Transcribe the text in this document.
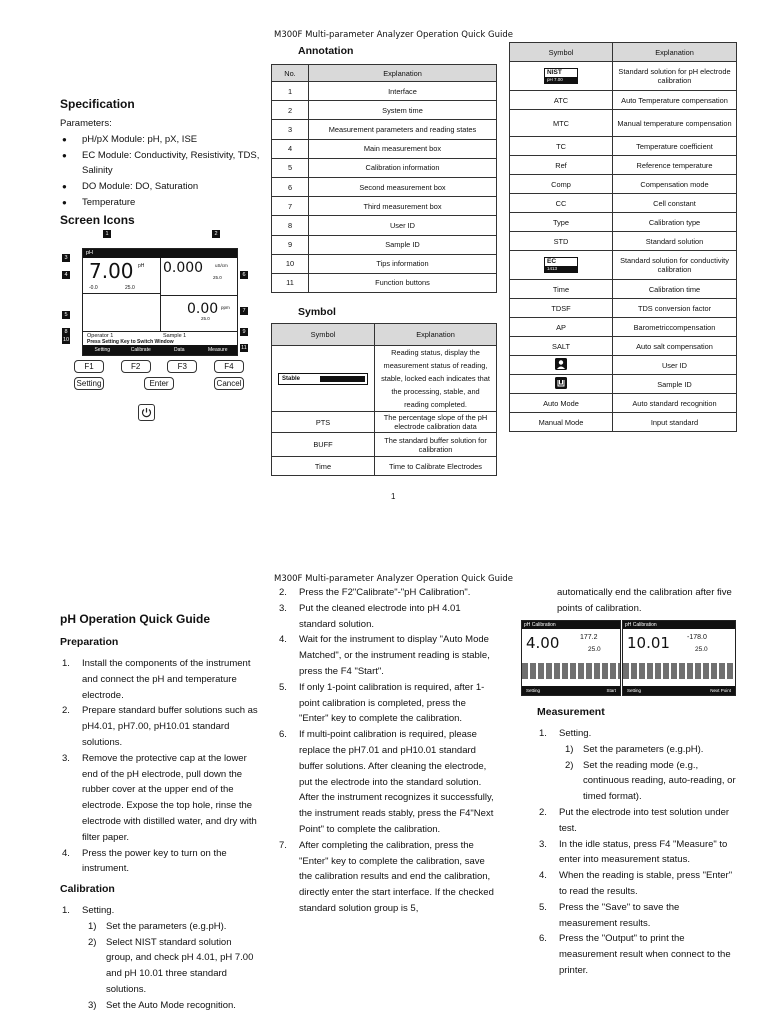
M300F Multi-parameter Analyzer Operation Quick Guide
Specification
Parameters:
● pH/pX Module: pH, pX, ISE
● EC Module: Conductivity, Resistivity, TDS, Salinity
● DO Module: DO, Saturation
● Temperature
Screen Icons
1	2
3
4
5
6
7
8	9
10
11
pH
7.00 pH
-0.0	25.0
0.000	uS/cm
25.0
0.00 ppm
25.0
Operator 1	Sample 1
Press Setting Key to Switch Window
Setting	Calibrate	Data	Measure
F1	F2	F3	F4
Setting	Enter	Cancel
Annotation
No.	Explanation
1	Interface
2	System time
3	Measurement parameters and reading states
4	Main measurement box
5	Calibration information
6	Second measurement box
7	Third measurement box
8	User ID
9	Sample ID
10	Tips information
11	Function buttons
Symbol
Symbol	Explanation

Stable	Reading status, display the measurement status of reading, stable, locked each indicates that the processing, stable, and reading completed.
PTS	The percentage slope of the pH electrode calibration data
BUFF	The standard buffer solution for calibration
Time	Time to Calibrate Electrodes
Symbol	Explanation

NIST
pH 7.00	Standard solution for pH electrode calibration
ATC	Auto Temperature compensation
MTC	Manual temperature compensation
TC	Temperature coefficient
Ref	Reference temperature
Comp	Compensation mode
CC	Cell constant
Type	Calibration type
STD	Standard solution

EC
1413	Standard solution for conductivity calibration
Time	Calibration time
TDSF	TDS conversion factor
AP	Barometriccompensation
SALT	Auto salt compensation
	User ID
	Sample ID
Auto Mode	Auto standard recognition
Manual Mode	Input standard
1
M300F Multi-parameter Analyzer Operation Quick Guide
pH Operation Quick Guide
Preparation
1. Install the components of the instrument and connect the pH and temperature electrode.
2. Prepare standard buffer solutions such as pH4.01, pH7.00, pH10.01 standard solutions.
3. Remove the protective cap at the lower end of the pH electrode, pull down the rubber cover at the upper end of the electrode. Expose the top hole, rinse the electrode with distilled water, and dry with filter paper.
4. Press the power key to turn on the instrument.
Calibration
1. Setting.
1) Set the parameters (e.g.pH).
2) Select NIST standard solution group, and check pH 4.01, pH 7.00 and pH 10.01 three standard solutions.
3) Set the Auto Mode recognition.
2. Press the F2"Calibrate"-"pH Calibration".
3. Put the cleaned electrode into pH 4.01 standard solution.
4. Wait for the instrument to display "Auto Mode Matched", or the instrument reading is stable, press the F4 "Start".
5. If only 1-point calibration is required, after 1-point calibration is completed, press the "Enter" key to complete the calibration.
6. If multi-point calibration is required, please replace the pH7.01 and pH10.01 standard buffer solutions. After cleaning the electrode, put the electrode into the standard solution. After the instrument recognizes it successfully, the instrument reads stably, press the F4"Next Point" to complete the calibration.
7. After completing the calibration, press the "Enter" key to complete the calibration, save the calibration results and end the calibration, directly enter the start interface. If the checked standard solution group is 5,
automatically end the calibration after five points of calibration.
pH Calibration
4.00	177.2
25.0
Setting	Start
pH Calibration
10.01 -178.0
25.0
Setting	Next Point
Measurement
1. Setting.
1) Set the parameters (e.g.pH).
2) Set the reading mode (e.g., continuous reading, auto-reading, or timed format).
2. Put the electrode into test solution under test.
3. In the idle status, press F4 "Measure" to enter into measurement status.
4. When the reading is stable, press "Enter" to read the results.
5. Press the "Save" to save the measurement results.
6. Press the "Output" to print the measurement result when connect to the printer.
